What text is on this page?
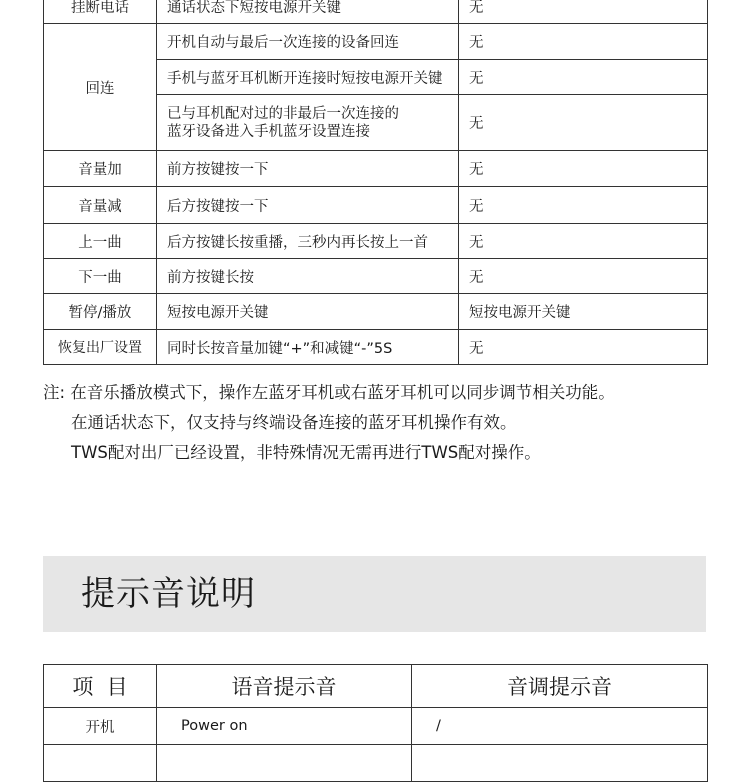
挂断电话	通话状态下短按电源开关键	无
回连	开机自动与最后一次连接的设备回连	无
	手机与蓝牙耳机断开连接时短按电源开关键	无

	已与耳机配对过的非最后一次连接的
蓝牙设备进入手机蓝牙设置连接	无
音量加	前方按键按一下	无
音量减	后方按键按一下	无
上一曲	后方按键长按重播，三秒内再长按上一首	无
下一曲	前方按键长按	无
暂停/播放	短按电源开关键	短按电源开关键
恢复出厂设置	同时长按音量加键“+”和减键“-”5S	无
注: 在音乐播放模式下，操作左蓝牙耳机或右蓝牙耳机可以同步调节相关功能。
在通话状态下，仅支持与终端设备连接的蓝牙耳机操作有效。
TWS配对出厂已经设置，非特殊情况无需再进行TWS配对操作。
提示音说明
项  目	语音提示音	音调提示音
开机	Power on	/
